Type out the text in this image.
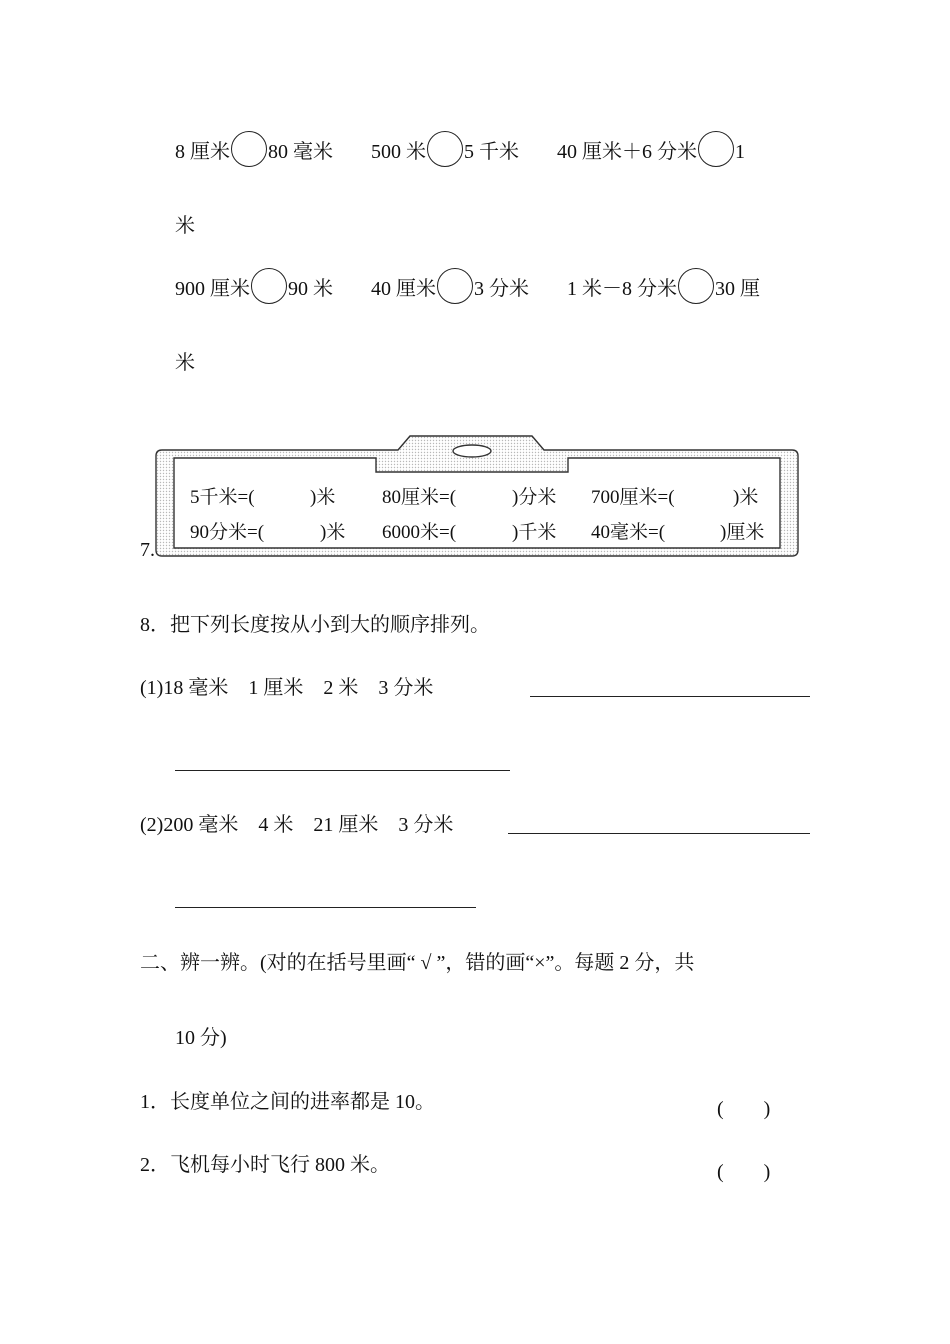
8 厘米 80 毫米 500 米 5 千米 40 厘米＋6 分米 1
米
900 厘米 90 米 40 厘米 3 分米 1 米－8 分米 30 厘
米
7.
5千米=(	)米 80厘米=(	)分米 700厘米=(	)米
90分米=(	)米 6000米=(	)千米 40毫米=(	)厘米
8．把下列长度按从小到大的顺序排列。
(1)18 毫米　1 厘米　2 米　3 分米
(2)200 毫米　4 米　21 厘米　3 分米
二、辨一辨。(对的在括号里画“ √ ”，错的画“×”。每题 2 分，共
10 分)
1．长度单位之间的进率都是 10。	(　　)
2．飞机每小时飞行 800 米。	(　　)
